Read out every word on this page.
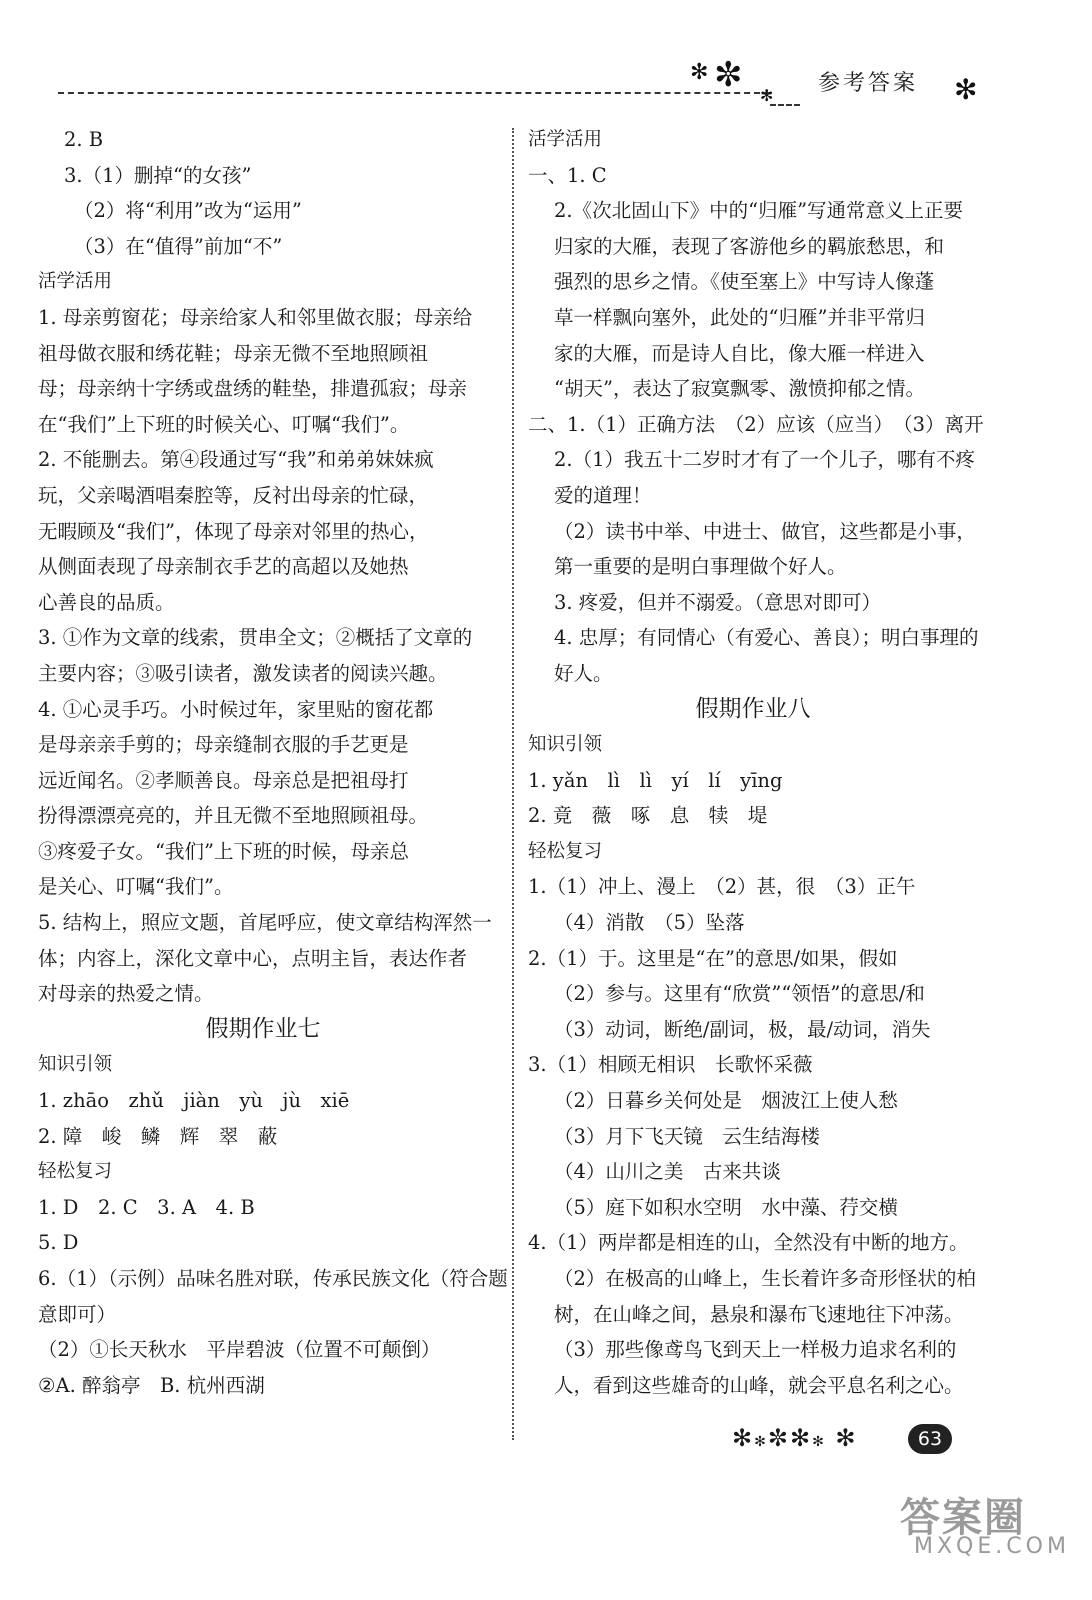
✻ ✼
✻	✻
参考答案
2. B
3.（1）删掉“的女孩”
（2）将“利用”改为“运用”
（3）在“值得”前加“不”
活学活用
1. 母亲剪窗花；母亲给家人和邻里做衣服；母亲给
祖母做衣服和绣花鞋；母亲无微不至地照顾祖
母；母亲纳十字绣或盘绣的鞋垫，排遣孤寂；母亲
在“我们”上下班的时候关心、叮嘱“我们”。
2. 不能删去。第④段通过写“我”和弟弟妹妹疯
玩，父亲喝酒唱秦腔等，反衬出母亲的忙碌，
无暇顾及“我们”，体现了母亲对邻里的热心，
从侧面表现了母亲制衣手艺的高超以及她热
心善良的品质。
3. ①作为文章的线索，贯串全文；②概括了文章的
主要内容；③吸引读者，激发读者的阅读兴趣。
4. ①心灵手巧。小时候过年，家里贴的窗花都
是母亲亲手剪的；母亲缝制衣服的手艺更是
远近闻名。②孝顺善良。母亲总是把祖母打
扮得漂漂亮亮的，并且无微不至地照顾祖母。
③疼爱子女。“我们”上下班的时候，母亲总
是关心、叮嘱“我们”。
5. 结构上，照应文题，首尾呼应，使文章结构浑然一
体；内容上，深化文章中心，点明主旨，表达作者
对母亲的热爱之情。
假期作业七
知识引领
1. zhāo　zhǔ　jiàn　yù　jù　xiē
2. 障　峻　鳞　辉　翠　蔽
轻松复习
1. D　2. C　3. A　4. B
5. D
6.（1）（示例）品味名胜对联，传承民族文化（符合题
意即可）
（2）①长天秋水　平岸碧波（位置不可颠倒）
②A. 醉翁亭　B. 杭州西湖
活学活用
一、1. C
2.《次北固山下》中的“归雁”写通常意义上正要
归家的大雁，表现了客游他乡的羁旅愁思，和
强烈的思乡之情。《使至塞上》中写诗人像蓬
草一样飘向塞外，此处的“归雁”并非平常归
家的大雁，而是诗人自比，像大雁一样进入
“胡天”，表达了寂寞飘零、激愤抑郁之情。
二、1.（1）正确方法　（2）应该（应当）　（3）离开
2.（1）我五十二岁时才有了一个儿子，哪有不疼
爱的道理！
（2）读书中举、中进士、做官，这些都是小事，
第一重要的是明白事理做个好人。
3. 疼爱，但并不溺爱。（意思对即可）
4. 忠厚；有同情心（有爱心、善良）；明白事理的
好人。
假期作业八
知识引领
1. yǎn　lì　lì　yí　lí　yīng
2. 竟　薇　啄　息　犊　堤
轻松复习
1.（1）冲上、漫上　（2）甚，很　（3）正午
（4）消散　（5）坠落
2.（1）于。这里是“在”的意思/如果，假如
（2）参与。这里有“欣赏”“领悟”的意思/和
（3）动词，断绝/副词，极，最/动词，消失
3.（1）相顾无相识　长歌怀采薇
（2）日暮乡关何处是　烟波江上使人愁
（3）月下飞天镜　云生结海楼
（4）山川之美　古来共谈
（5）庭下如积水空明　水中藻、荇交横
4.（1）两岸都是相连的山，全然没有中断的地方。
（2）在极高的山峰上，生长着许多奇形怪状的柏
树，在山峰之间，悬泉和瀑布飞速地往下冲荡。
（3）那些像鸢鸟飞到天上一样极力追求名利的
人，看到这些雄奇的山峰，就会平息名利之心。
✻✻✼✻✻ ✻	63
答案圈
MXQE.COM
